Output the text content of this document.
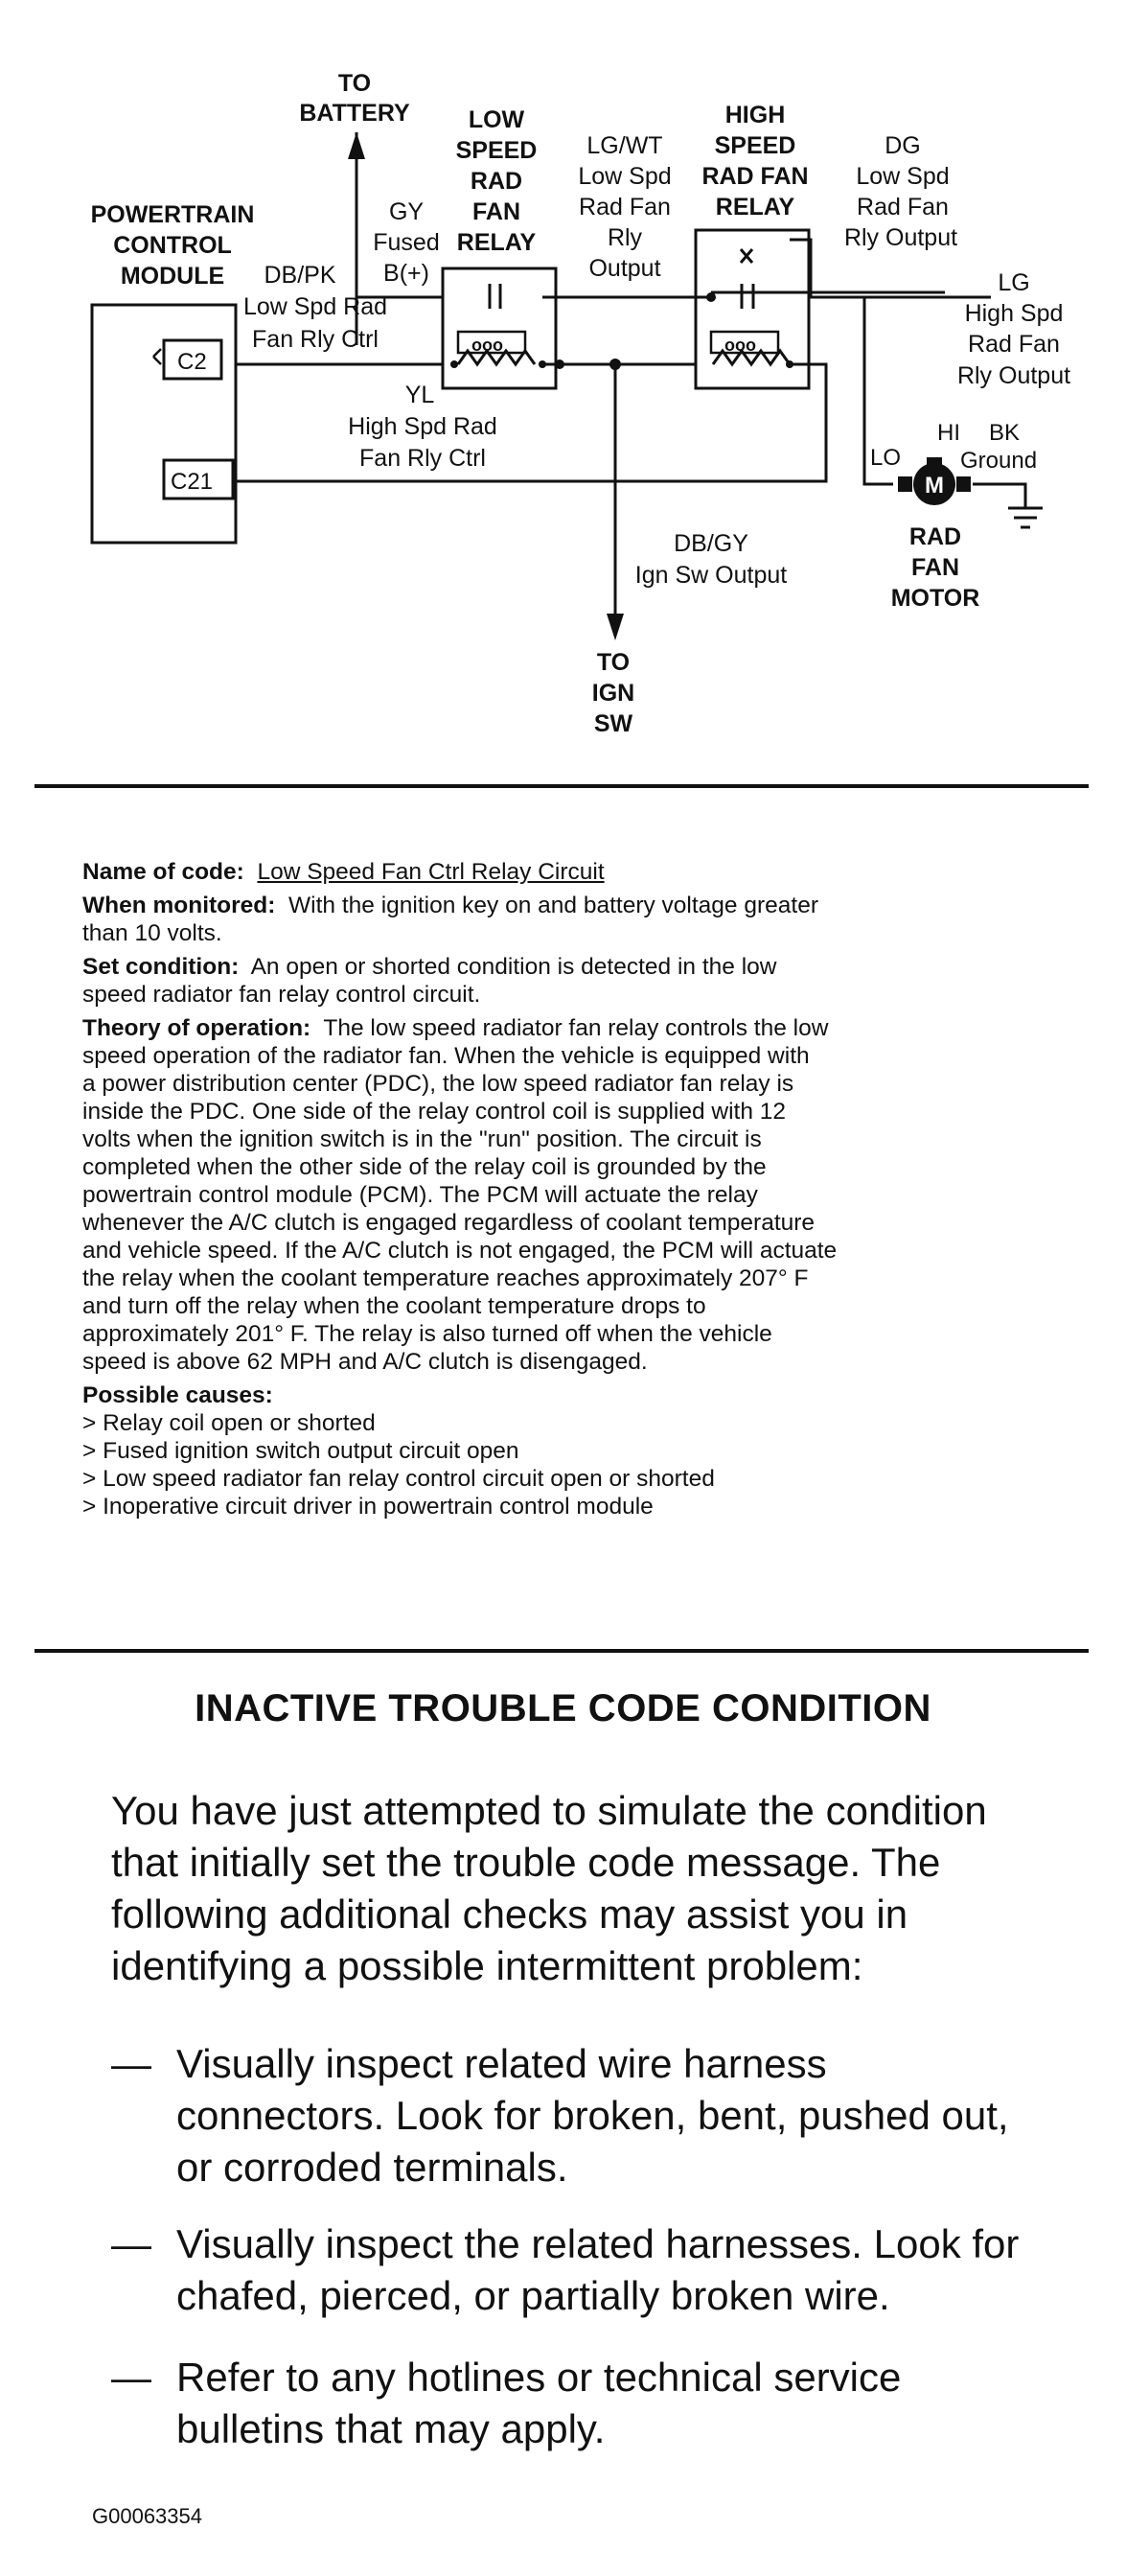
TO
BATTERY LOW
SPEED
RAD
FAN
RELAY
HIGH
SPEED
RAD FAN
RELAY
POWERTRAIN
CONTROL
MODULE
GY
Fused
B(+)
LG/WT
Low Spd
Rad Fan
Rly
Output
DG
Low Spd
Rad Fan
Rly Output
LG
High Spd
Rad Fan
Rly Output
DB/PK
Low Spd Rad
Fan Rly Ctrl
YL
High Spd Rad
Fan Rly Ctrl
DB/GY
Ign Sw Output
TO
IGN
SW
C2
C21
ooo	ooo
M
LO
HI BK
Ground
RAD
FAN
MOTOR

Name of code: Low Speed Fan Ctrl Relay Circuit

When monitored: With the ignition key on and battery voltage greater
than 10 volts.

Set condition: An open or shorted condition is detected in the low
speed radiator fan relay control circuit.

Theory of operation: The low speed radiator fan relay controls the low
speed operation of the radiator fan. When the vehicle is equipped with
a power distribution center (PDC), the low speed radiator fan relay is
inside the PDC. One side of the relay control coil is supplied with 12
volts when the ignition switch is in the "run" position. The circuit is
completed when the other side of the relay coil is grounded by the
powertrain control module (PCM). The PCM will actuate the relay
whenever the A/C clutch is engaged regardless of coolant temperature
and vehicle speed. If the A/C clutch is not engaged, the PCM will actuate
the relay when the coolant temperature reaches approximately 207° F
and turn off the relay when the coolant temperature drops to
approximately 201° F. The relay is also turned off when the vehicle
speed is above 62 MPH and A/C clutch is disengaged.

Possible causes:

> Relay coil open or shorted
> Fused ignition switch output circuit open
> Low speed radiator fan relay control circuit open or shorted
> Inoperative circuit driver in powertrain control module
INACTIVE TROUBLE CODE CONDITION

You have just attempted to simulate the condition
that initially set the trouble code message. The
following additional checks may assist you in
identifying a possible intermittent problem:

— Visually inspect related wire harness
connectors. Look for broken, bent, pushed out,
or corroded terminals.
— Visually inspect the related harnesses. Look for
chafed, pierced, or partially broken wire.
— Refer to any hotlines or technical service
bulletins that may apply.
G00063354
